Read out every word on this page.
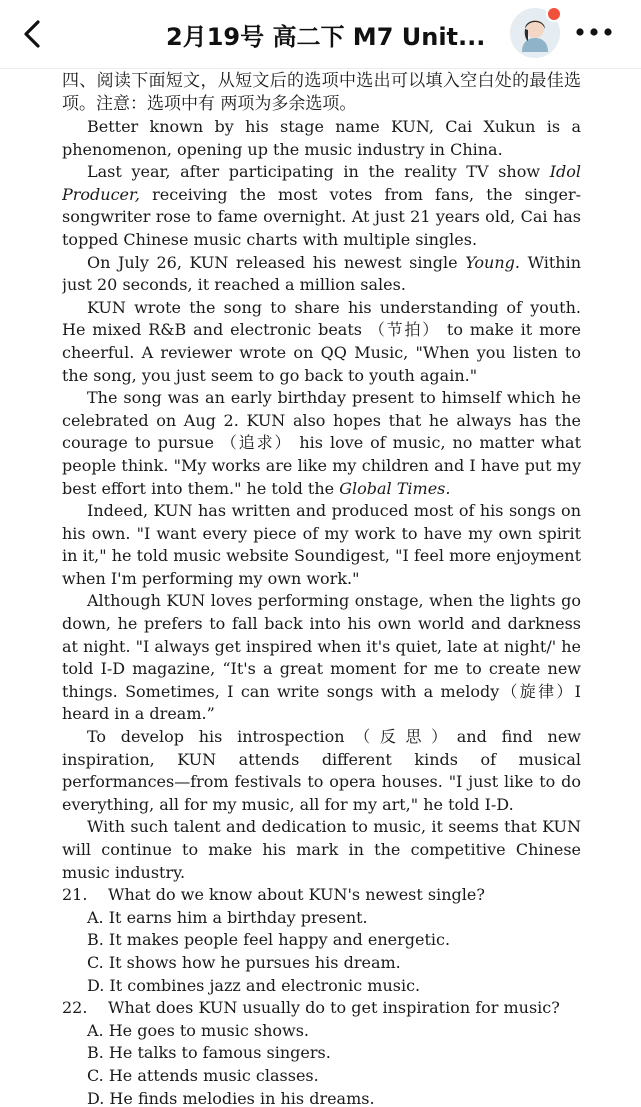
2月19号 高二下 M7 Unit...

四、阅读下面短文，从短文后的选项中选出可以填入空白处的最佳选项。注意：选项中有 两项为多余选项。

Better known by his stage name KUN, Cai Xukun is a phenomenon, opening up the music industry in China.

Last year, after participating in the reality TV show Idol Producer, receiving the most votes from fans, the singer-songwriter rose to fame overnight. At just 21 years old, Cai has topped Chinese music charts with multiple singles.

On July 26, KUN released his newest single Young. Within just 20 seconds, it reached a million sales.

KUN wrote the song to share his understanding of youth. He mixed R&B and electronic beats （节拍） to make it more cheerful. A reviewer wrote on QQ Music, "When you listen to the song, you just seem to go back to youth again."

The song was an early birthday present to himself which he celebrated on Aug 2. KUN also hopes that he always has the courage to pursue （追求） his love of music, no matter what people think. "My works are like my children and I have put my best effort into them." he told the Global Times.

Indeed, KUN has written and produced most of his songs on his own. "I want every piece of my work to have my own spirit in it," he told music website Soundigest, "I feel more enjoyment when I'm performing my own work."

Although KUN loves performing onstage, when the lights go down, he prefers to fall back into his own world and darkness at night. "I always get inspired when it's quiet, late at night/' he told I-D magazine, “It's a great moment for me to create new things. Sometimes, I can write songs with a melody（旋律）I heard in a dream.”

To develop his introspection（反思）and find new inspiration, KUN attends different kinds of musical performances—from festivals to opera houses. "I just like to do everything, all for my music, all for my art," he told I-D.

With such talent and dedication to music, it seems that KUN will continue to make his mark in the competitive Chinese music industry.

21. What do we know about KUN's newest single?

A. It earns him a birthday present.

B. It makes people feel happy and energetic.

C. It shows how he pursues his dream.

D. It combines jazz and electronic music.

22. What does KUN usually do to get inspiration for music?

A. He goes to music shows.

B. He talks to famous singers.

C. He attends music classes.

D. He finds melodies in his dreams.
